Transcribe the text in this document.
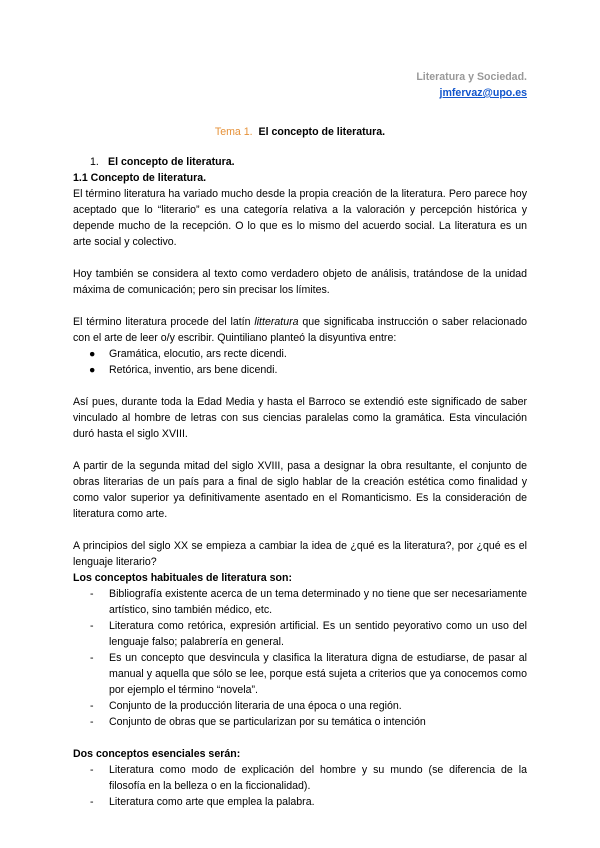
Literatura y Sociedad.
jmfervaz@upo.es
Tema 1. El concepto de literatura.
1. El concepto de literatura.
1.1 Concepto de literatura.

El término literatura ha variado mucho desde la propia creación de la literatura. Pero parece hoy aceptado que lo “literario” es una categoría relativa a la valoración y percepción histórica y depende mucho de la recepción. O lo que es lo mismo del acuerdo social. La literatura es un arte social y colectivo.

Hoy también se considera al texto como verdadero objeto de análisis, tratándose de la unidad máxima de comunicación; pero sin precisar los límites.

El término literatura procede del latín litteratura que significaba instrucción o saber relacionado con el arte de leer o/y escribir. Quintiliano planteó la disyuntiva entre:

● Gramática, elocutio, ars recte dicendi.
● Retórica, inventio, ars bene dicendi.

Así pues, durante toda la Edad Media y hasta el Barroco se extendió este significado de saber vinculado al hombre de letras con sus ciencias paralelas como la gramática. Esta vinculación duró hasta el siglo XVIII.

A partir de la segunda mitad del siglo XVIII, pasa a designar la obra resultante, el conjunto de obras literarias de un país para a final de siglo hablar de la creación estética como finalidad y como valor superior ya definitivamente asentado en el Romanticismo. Es la consideración de literatura como arte.

A principios del siglo XX se empieza a cambiar la idea de ¿qué es la literatura?, por ¿qué es el lenguaje literario?

Los conceptos habituales de literatura son:
- Bibliografía existente acerca de un tema determinado y no tiene que ser necesariamente artístico, sino también médico, etc.
- Literatura como retórica, expresión artificial. Es un sentido peyorativo como un uso del lenguaje falso; palabrería en general.
- Es un concepto que desvincula y clasifica la literatura digna de estudiarse, de pasar al manual y aquella que sólo se lee, porque está sujeta a criterios que ya conocemos como por ejemplo el término “novela”.
- Conjunto de la producción literaria de una época o una región.
- Conjunto de obras que se particularizan por su temática o intención
Dos conceptos esenciales serán:
- Literatura como modo de explicación del hombre y su mundo (se diferencia de la filosofía en la belleza o en la ficcionalidad).
- Literatura como arte que emplea la palabra.
